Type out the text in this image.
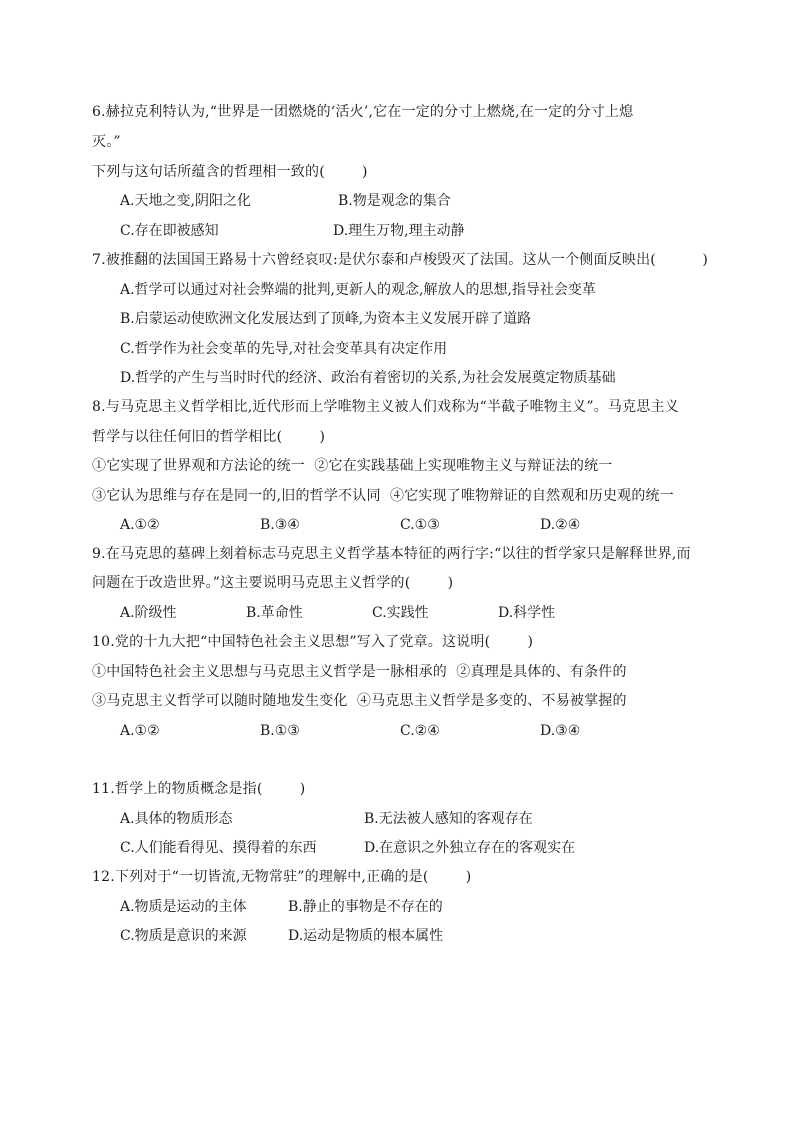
6.赫拉克利特认为,“世界是一团燃烧的‘活火’,它在一定的分寸上燃烧,在一定的分寸上熄
灭。”
下列与这句话所蕴含的哲理相一致的(        )
A.天地之变,阴阳之化	B.物是观念的集合
C.存在即被感知	D.理生万物,理主动静
7.被推翻的法国国王路易十六曾经哀叹:是伏尔泰和卢梭毁灭了法国。这从一个侧面反映出(          )
A.哲学可以通过对社会弊端的批判,更新人的观念,解放人的思想,指导社会变革
B.启蒙运动使欧洲文化发展达到了顶峰,为资本主义发展开辟了道路
C.哲学作为社会变革的先导,对社会变革具有决定作用
D.哲学的产生与当时时代的经济、政治有着密切的关系,为社会发展奠定物质基础
8.与马克思主义哲学相比,近代形而上学唯物主义被人们戏称为“半截子唯物主义”。马克思主义
哲学与以往任何旧的哲学相比(        )
①它实现了世界观和方法论的统一  ②它在实践基础上实现唯物主义与辩证法的统一
③它认为思维与存在是同一的,旧的哲学不认同  ④它实现了唯物辩证的自然观和历史观的统一
A.①②	B.③④	C.①③	D.②④
9.在马克思的墓碑上刻着标志马克思主义哲学基本特征的两行字:“以往的哲学家只是解释世界,而
问题在于改造世界。”这主要说明马克思主义哲学的(        )
A.阶级性	B.革命性	C.实践性	D.科学性
10.党的十九大把“中国特色社会主义思想”写入了党章。这说明(        )
①中国特色社会主义思想与马克思主义哲学是一脉相承的  ②真理是具体的、有条件的
③马克思主义哲学可以随时随地发生变化  ④马克思主义哲学是多变的、不易被掌握的
A.①②	B.①③	C.②④	D.③④
11.哲学上的物质概念是指(        )
A.具体的物质形态	B.无法被人感知的客观存在
C.人们能看得见、摸得着的东西	D.在意识之外独立存在的客观实在
12.下列对于“一切皆流,无物常驻”的理解中,正确的是(        )
A.物质是运动的主体	B.静止的事物是不存在的
C.物质是意识的来源	D.运动是物质的根本属性
